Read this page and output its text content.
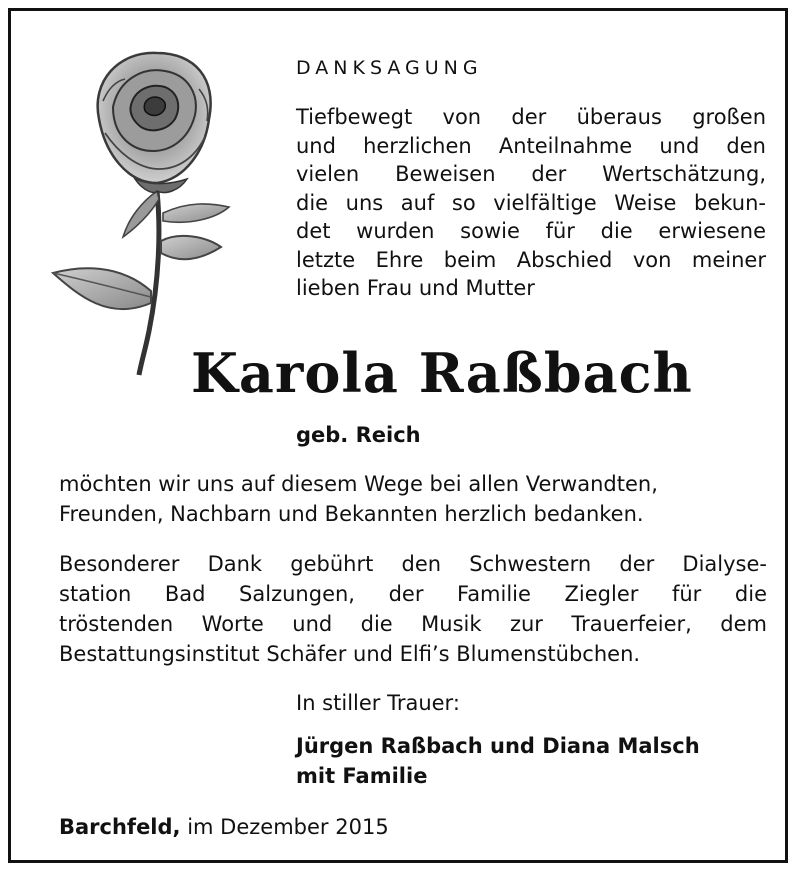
DANKSAGUNG
Tiefbewegt von der überaus großen
und herzlichen Anteilnahme und den
vielen Beweisen der Wertschätzung,
die uns auf so vielfältige Weise bekun-
det wurden sowie für die erwiesene
letzte Ehre beim Abschied von meiner
lieben Frau und Mutter
Karola Raßbach
geb. Reich
möchten wir uns auf diesem Wege bei allen Verwandten,
Freunden, Nachbarn und Bekannten herzlich bedanken.
Besonderer Dank gebührt den Schwestern der Dialyse-
station Bad Salzungen, der Familie Ziegler für die
tröstenden Worte und die Musik zur Trauerfeier, dem
Bestattungsinstitut Schäfer und Elfi’s Blumenstübchen.
In stiller Trauer:
Jürgen Raßbach und Diana Malsch
mit Familie
Barchfeld, im Dezember 2015
